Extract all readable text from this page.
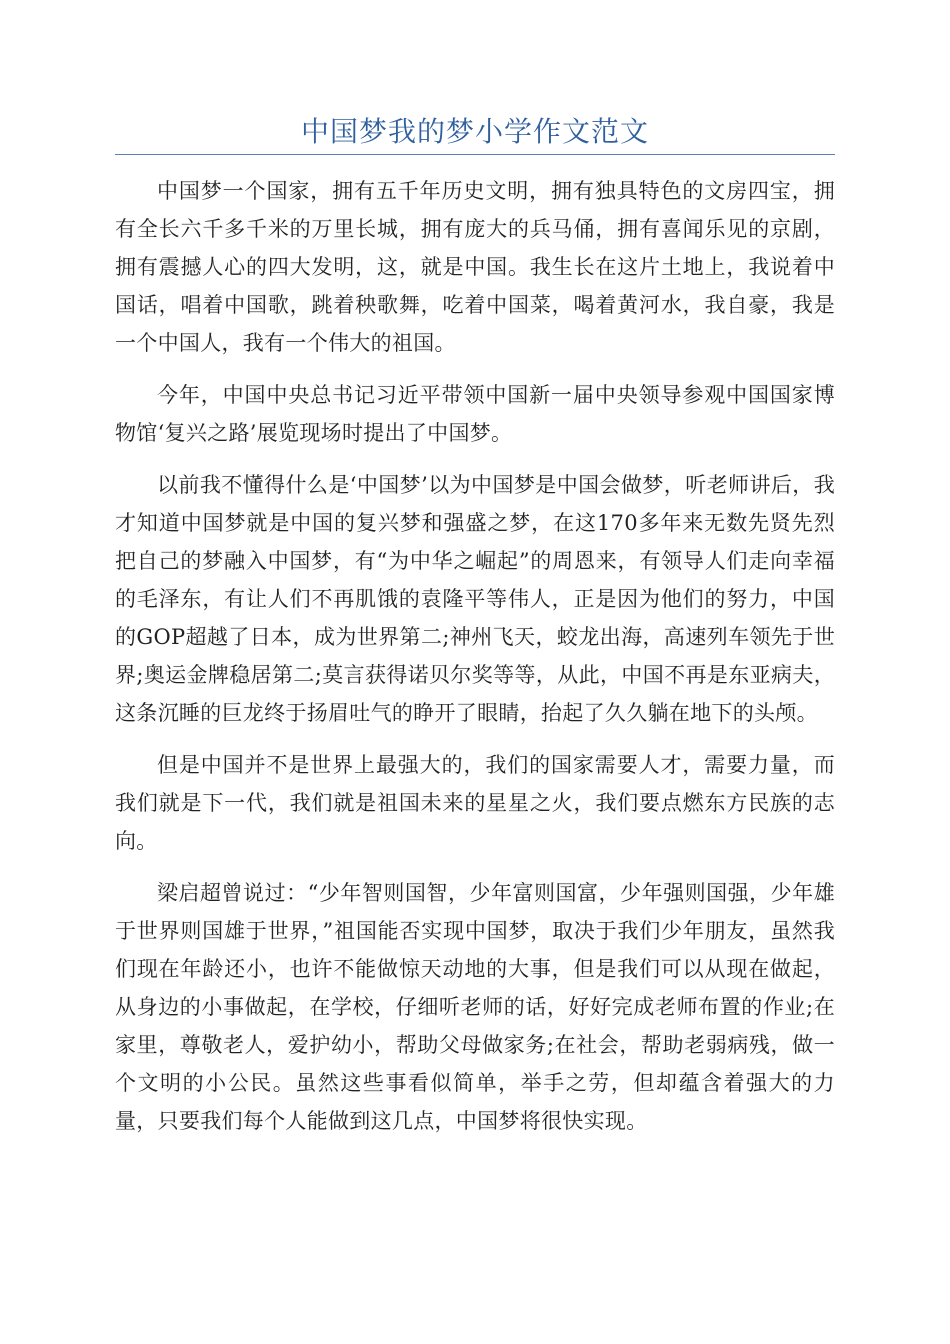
中国梦我的梦小学作文范文

中国梦一个国家，拥有五千年历史文明，拥有独具特色的文房四宝，拥有全长六千多千米的万里长城，拥有庞大的兵马俑，拥有喜闻乐见的京剧，拥有震撼人心的四大发明，这，就是中国。我生长在这片土地上，我说着中国话，唱着中国歌，跳着秧歌舞，吃着中国菜，喝着黄河水，我自豪，我是一个中国人，我有一个伟大的祖国。

今年，中国中央总书记习近平带领中国新一届中央领导参观中国国家博物馆‘复兴之路’展览现场时提出了中国梦。

以前我不懂得什么是‘中国梦’以为中国梦是中国会做梦，听老师讲后，我才知道中国梦就是中国的复兴梦和强盛之梦，在这170多年来无数先贤先烈把自己的梦融入中国梦，有“为中华之崛起”的周恩来，有领导人们走向幸福的毛泽东，有让人们不再肌饿的袁隆平等伟人，正是因为他们的努力，中国的GOP超越了日本，成为世界第二;神州飞天，蛟龙出海，高速列车领先于世界;奥运金牌稳居第二;莫言获得诺贝尔奖等等，从此，中国不再是东亚病夫，这条沉睡的巨龙终于扬眉吐气的睁开了眼睛，抬起了久久躺在地下的头颅。

但是中国并不是世界上最强大的，我们的国家需要人才，需要力量，而我们就是下一代，我们就是祖国未来的星星之火，我们要点燃东方民族的志向。

梁启超曾说过：“少年智则国智，少年富则国富，少年强则国强，少年雄于世界则国雄于世界，”祖国能否实现中国梦，取决于我们少年朋友，虽然我们现在年龄还小，也许不能做惊天动地的大事，但是我们可以从现在做起，从身边的小事做起，在学校，仔细听老师的话，好好完成老师布置的作业;在家里，尊敬老人，爱护幼小，帮助父母做家务;在社会，帮助老弱病残，做一个文明的小公民。虽然这些事看似简单，举手之劳，但却蕴含着强大的力量，只要我们每个人能做到这几点，中国梦将很快实现。
